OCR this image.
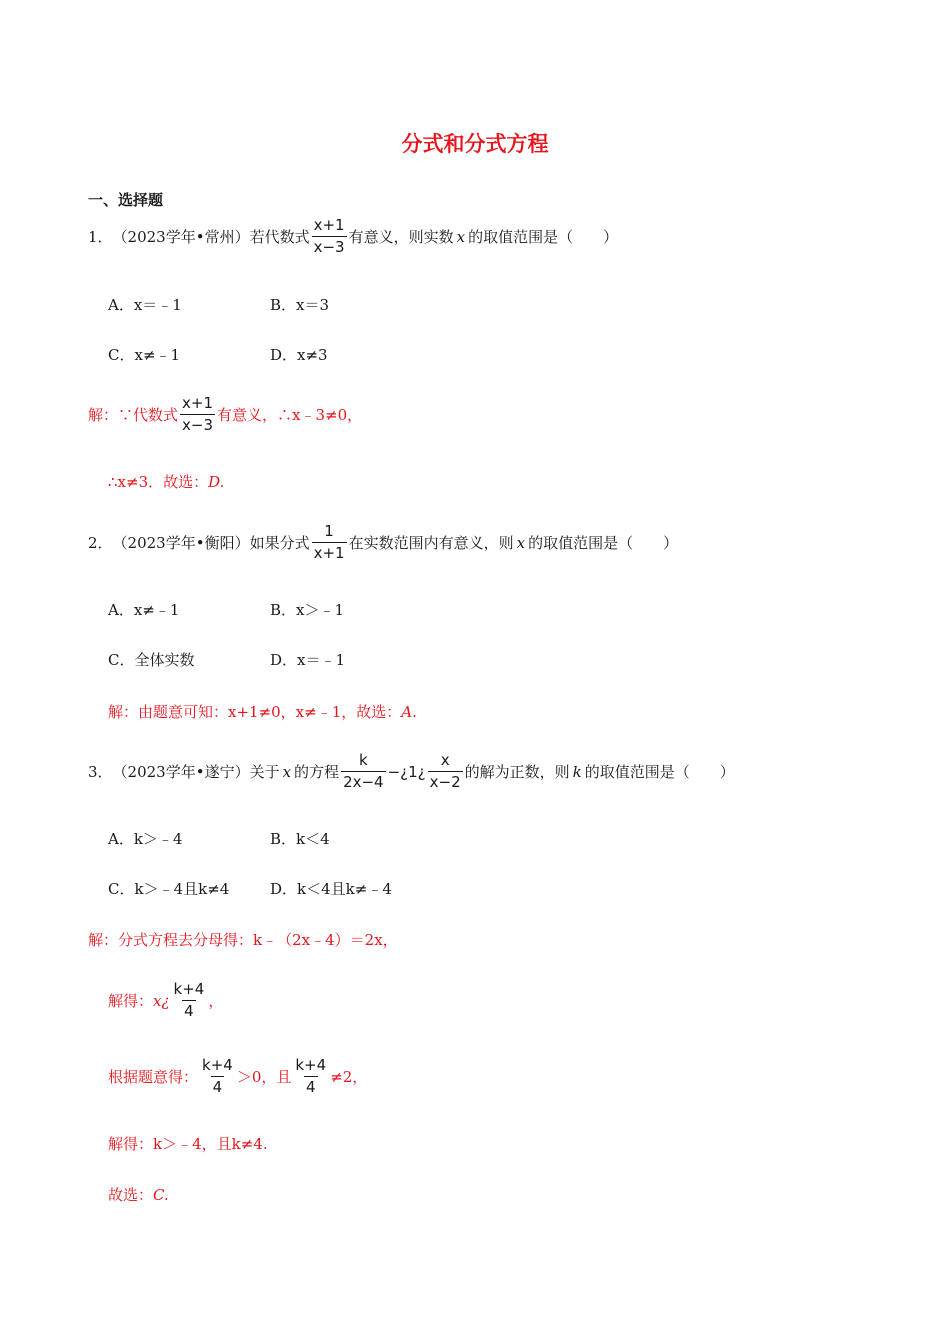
分式和分式方程
一、选择题
1． （2023学年•常州）若代数式 $\frac{x+1}{x-3}$ 有意义，则实数 x 的取值范围是（　　）
A．x＝﹣1	B．x＝3
C．x≠﹣1	D．x≠3
解：∵代数式 $\frac{x+1}{x-3}$ 有意义，∴ x﹣3≠0，
∴x≠3．故选：D.
2． （2023学年•衡阳）如果分式 $\frac{1}{x+1}$ 在实数范围内有意义，则 x 的取值范围是（　　）
A．x≠﹣1	B．x＞﹣1
C．全体实数	D．x＝﹣1
解：由题意可知：x+1≠0，x≠﹣1，故选：A.
3． （2023学年•遂宁）关于 x 的方程 $\frac{k}{2x-4}$ −¿1¿ $\frac{x}{x-2}$ 的解为正数，则 k 的取值范围是（　　）
A．k＞﹣4	B．k＜4
C．k＞﹣4且k≠4	D．k＜4且k≠﹣4
解：分式方程去分母得：k﹣（2x﹣4）＝2x，
解得： x¿ $\frac{k+4}{4}$ ，
根据题意得： $\frac{k+4}{4} >0$，且 $\frac{k+4}{4} \ne 2$，
解得：k＞﹣4，且k≠4.
故选：C.
